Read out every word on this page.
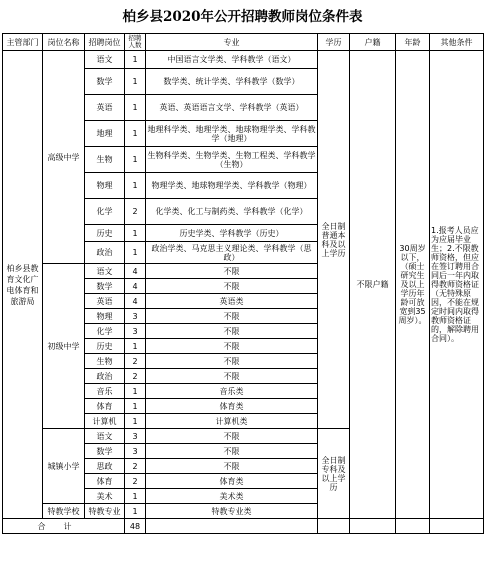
柏乡县2020年公开招聘教师岗位条件表
主管部门	岗位名称	招聘岗位	招聘人数	专业	学历	户籍	年龄	其他条件
柏乡县教育文化广电体育和旅游局	高级中学	语文	1	中国语言文学类、学科教学（语文）	全日制普通本科及以上学历	不限户籍	30周岁以下，（硕士研究生及以上学历年龄可放宽到35周岁）。	1.报考人员应为应届毕业生；2.不限教师资格，但应在签订聘用合同后一年内取得教师资格证（无特殊原因，不能在规定时间内取得教师资格证的，解除聘用合同）。
		数学	1	数学类、统计学类、学科教学（数学）				
		英语	1	英语、英语语言文学、学科教学（英语）				
		地理	1	地理科学类、地理学类、地球物理学类、学科教学（地理）				
		生物	1	生物科学类、生物学类、生物工程类、学科教学（生物）				
		物理	1	物理学类、地球物理学类、学科教学（物理）				
		化学	2	化学类、化工与制药类、学科教学（化学）				
		历史	1	历史学类、学科教学（历史）				
		政治	1	政治学类、马克思主义理论类、学科教学（思政）				
	初级中学	语文	4	不限				
		数学	4	不限				
		英语	4	英语类				
		物理	3	不限				
		化学	3	不限				
		历史	1	不限				
		生物	2	不限				
		政治	2	不限				
		音乐	1	音乐类				
		体育	1	体育类				
		计算机	1	计算机类				
	城镇小学	语文	3	不限	全日制专科及以上学历			
		数学	3	不限				
		思政	2	不限				
		体育	2	体育类				
		美术	1	美术类				
	特教学校	特教专业	1	特教专业类				
合计			48					
